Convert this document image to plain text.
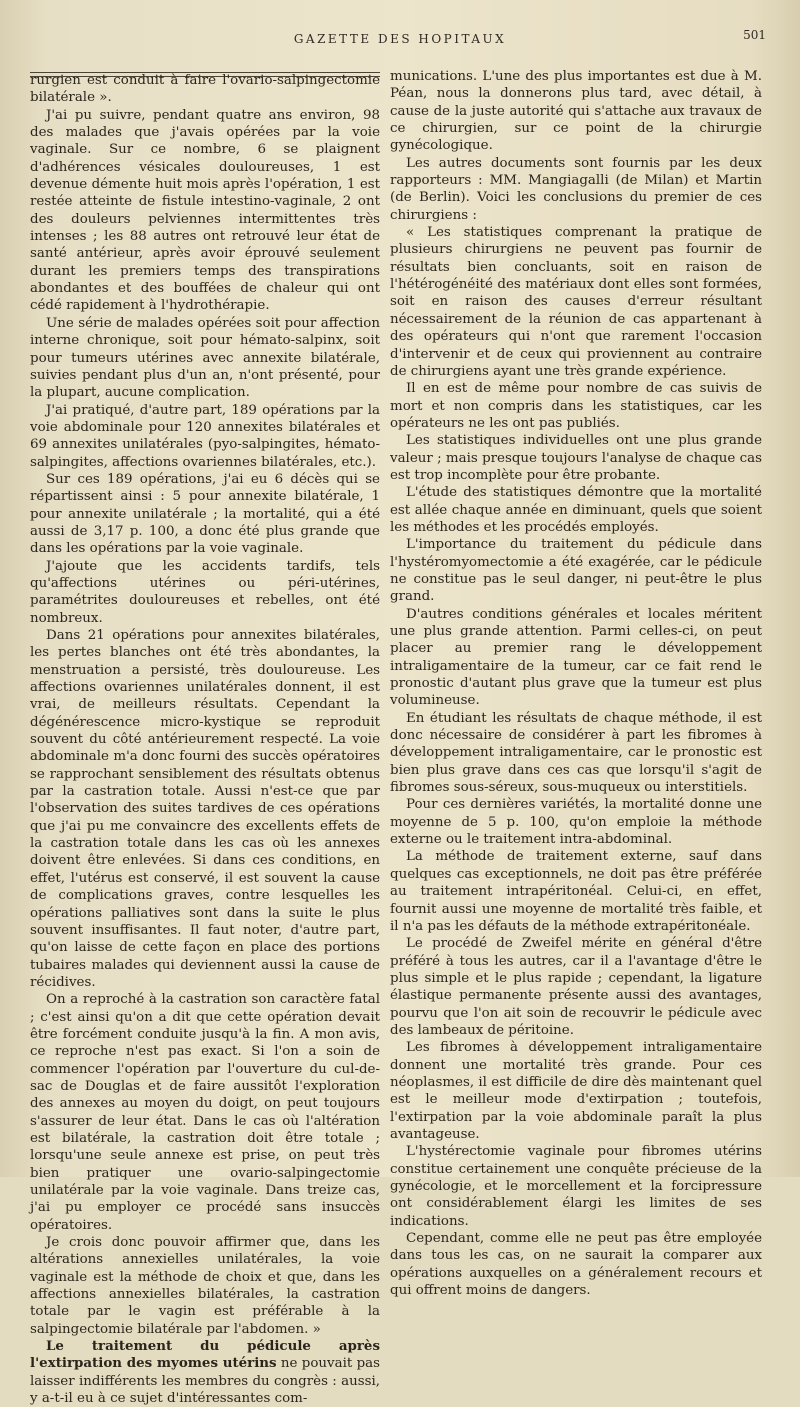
GAZETTE DES HOPITAUX	501

rurgien est conduit à faire l'ovario-salpingectomie bilatérale ».

J'ai pu suivre, pendant quatre ans environ, 98 des malades que j'avais opérées par la voie vaginale. Sur ce nombre, 6 se plaignent d'adhérences vésicales douloureuses, 1 est devenue démente huit mois après l'opération, 1 est restée atteinte de fistule intestino-vaginale, 2 ont des douleurs pelviennes intermittentes très intenses ; les 88 autres ont retrouvé leur état de santé antérieur, après avoir éprouvé seulement durant les premiers temps des transpirations abondantes et des bouffées de chaleur qui ont cédé rapidement à l'hydrothérapie.

Une série de malades opérées soit pour affection interne chronique, soit pour hémato-salpinx, soit pour tumeurs utérines avec annexite bilatérale, suivies pendant plus d'un an, n'ont présenté, pour la plupart, aucune complication.

J'ai pratiqué, d'autre part, 189 opérations par la voie abdominale pour 120 annexites bilatérales et 69 annexites unilatérales (pyo-salpingites, hémato-salpingites, affections ovariennes bilatérales, etc.).

Sur ces 189 opérations, j'ai eu 6 décès qui se répartissent ainsi : 5 pour annexite bilatérale, 1 pour annexite unilatérale ; la mortalité, qui a été aussi de 3,17 p. 100, a donc été plus grande que dans les opérations par la voie vaginale.

J'ajoute que les accidents tardifs, tels qu'affections utérines ou péri-utérines, paramétrites douloureuses et rebelles, ont été nombreux.

Dans 21 opérations pour annexites bilatérales, les pertes blanches ont été très abondantes, la menstruation a persisté, très douloureuse. Les affections ovariennes unilatérales donnent, il est vrai, de meilleurs résultats. Cependant la dégénérescence micro-kystique se reproduit souvent du côté antérieurement respecté. La voie abdominale m'a donc fourni des succès opératoires se rapprochant sensiblement des résultats obtenus par la castration totale. Aussi n'est-ce que par l'observation des suites tardives de ces opérations que j'ai pu me convaincre des excellents effets de la castration totale dans les cas où les annexes doivent être enlevées. Si dans ces conditions, en effet, l'utérus est conservé, il est souvent la cause de complications graves, contre lesquelles les opérations palliatives sont dans la suite le plus souvent insuffisantes. Il faut noter, d'autre part, qu'on laisse de cette façon en place des portions tubaires malades qui deviennent aussi la cause de récidives.

On a reproché à la castration son caractère fatal ; c'est ainsi qu'on a dit que cette opération devait être forcément conduite jusqu'à la fin. A mon avis, ce reproche n'est pas exact. Si l'on a soin de commencer l'opération par l'ouverture du cul-de-sac de Douglas et de faire aussitôt l'exploration des annexes au moyen du doigt, on peut toujours s'assurer de leur état. Dans le cas où l'altération est bilatérale, la castration doit être totale ; lorsqu'une seule annexe est prise, on peut très bien pratiquer une ovario-salpingectomie unilatérale par la voie vaginale. Dans treize cas, j'ai pu employer ce procédé sans insuccès opératoires.

Je crois donc pouvoir affirmer que, dans les altérations annexielles unilatérales, la voie vaginale est la méthode de choix et que, dans les affections annexielles bilatérales, la castration totale par le vagin est préférable à la salpingectomie bilatérale par l'abdomen. »

Le traitement du pédicule après l'extirpation des myomes utérins ne pouvait pas laisser indifférents les membres du congrès : aussi, y a-t-il eu à ce sujet d'intéressantes com-

munications. L'une des plus importantes est due à M. Péan, nous la donnerons plus tard, avec détail, à cause de la juste autorité qui s'attache aux travaux de ce chirurgien, sur ce point de la chirurgie gynécologique.

Les autres documents sont fournis par les deux rapporteurs : MM. Mangiagalli (de Milan) et Martin (de Berlin). Voici les conclusions du premier de ces chirurgiens :

« Les statistiques comprenant la pratique de plusieurs chirurgiens ne peuvent pas fournir de résultats bien concluants, soit en raison de l'hétérogénéité des matériaux dont elles sont formées, soit en raison des causes d'erreur résultant nécessairement de la réunion de cas appartenant à des opérateurs qui n'ont que rarement l'occasion d'intervenir et de ceux qui proviennent au contraire de chirurgiens ayant une très grande expérience.

Il en est de même pour nombre de cas suivis de mort et non compris dans les statistiques, car les opérateurs ne les ont pas publiés.

Les statistiques individuelles ont une plus grande valeur ; mais presque toujours l'analyse de chaque cas est trop incomplète pour être probante.

L'étude des statistiques démontre que la mortalité est allée chaque année en diminuant, quels que soient les méthodes et les procédés employés.

L'importance du traitement du pédicule dans l'hystéromyomectomie a été exagérée, car le pédicule ne constitue pas le seul danger, ni peut-être le plus grand.

D'autres conditions générales et locales méritent une plus grande attention. Parmi celles-ci, on peut placer au premier rang le développement intraligamentaire de la tumeur, car ce fait rend le pronostic d'autant plus grave que la tumeur est plus volumineuse.

En étudiant les résultats de chaque méthode, il est donc nécessaire de considérer à part les fibromes à développement intraligamentaire, car le pronostic est bien plus grave dans ces cas que lorsqu'il s'agit de fibromes sous-séreux, sous-muqueux ou interstitiels.

Pour ces dernières variétés, la mortalité donne une moyenne de 5 p. 100, qu'on emploie la méthode externe ou le traitement intra-abdominal.

La méthode de traitement externe, sauf dans quelques cas exceptionnels, ne doit pas être préférée au traitement intrapéritonéal. Celui-ci, en effet, fournit aussi une moyenne de mortalité très faible, et il n'a pas les défauts de la méthode extrapéritonéale.

Le procédé de Zweifel mérite en général d'être préféré à tous les autres, car il a l'avantage d'être le plus simple et le plus rapide ; cependant, la ligature élastique permanente présente aussi des avantages, pourvu que l'on ait soin de recouvrir le pédicule avec des lambeaux de péritoine.

Les fibromes à développement intraligamentaire donnent une mortalité très grande. Pour ces néoplasmes, il est difficile de dire dès maintenant quel est le meilleur mode d'extirpation ; toutefois, l'extirpation par la voie abdominale paraît la plus avantageuse.

L'hystérectomie vaginale pour fibromes utérins constitue certainement une conquête précieuse de la gynécologie, et le morcellement et la forcipressure ont considérablement élargi les limites de ses indications.

Cependant, comme elle ne peut pas être employée dans tous les cas, on ne saurait la comparer aux opérations auxquelles on a généralement recours et qui offrent moins de dangers.
